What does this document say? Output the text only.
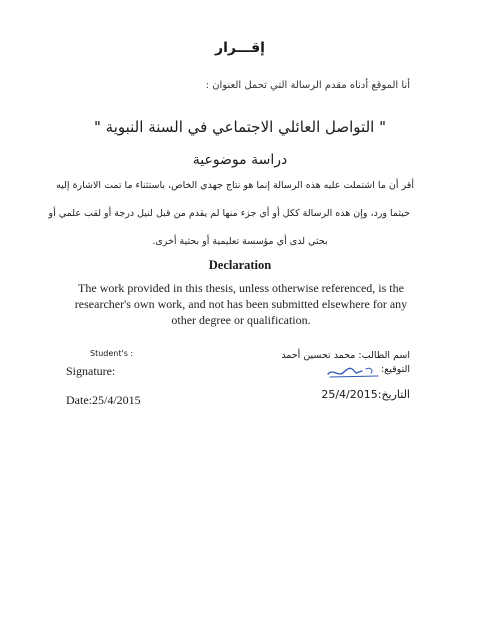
إقـــرار
أنا الموقع أدناه مقدم الرسالة التي تحمل العنوان :
" التواصل العائلي الاجتماعي في السنة النبوية "
دراسة موضوعية
أقر أن ما اشتملت عليه هذه الرسالة إنما هو نتاج جهدي الخاص، باستثناء ما تمت الاشارة إليه
حيثما ورد، وإن هذه الرسالة ككل أو أي جزء منها لم يقدم من قبل لنيل درجة أو لقب علمي أو
بحثي لدى أي مؤسسة تعليمية أو بحثية أخرى.
Declaration
The work provided in this thesis, unless otherwise referenced, is the researcher's own work, and not has been submitted elsewhere for any other degree or qualification.
Student's :
Signature:
Date:25/4/2015
اسم الطالب: محمد تحسين أحمد
التوقيع:
التاريخ:25/4/2015
